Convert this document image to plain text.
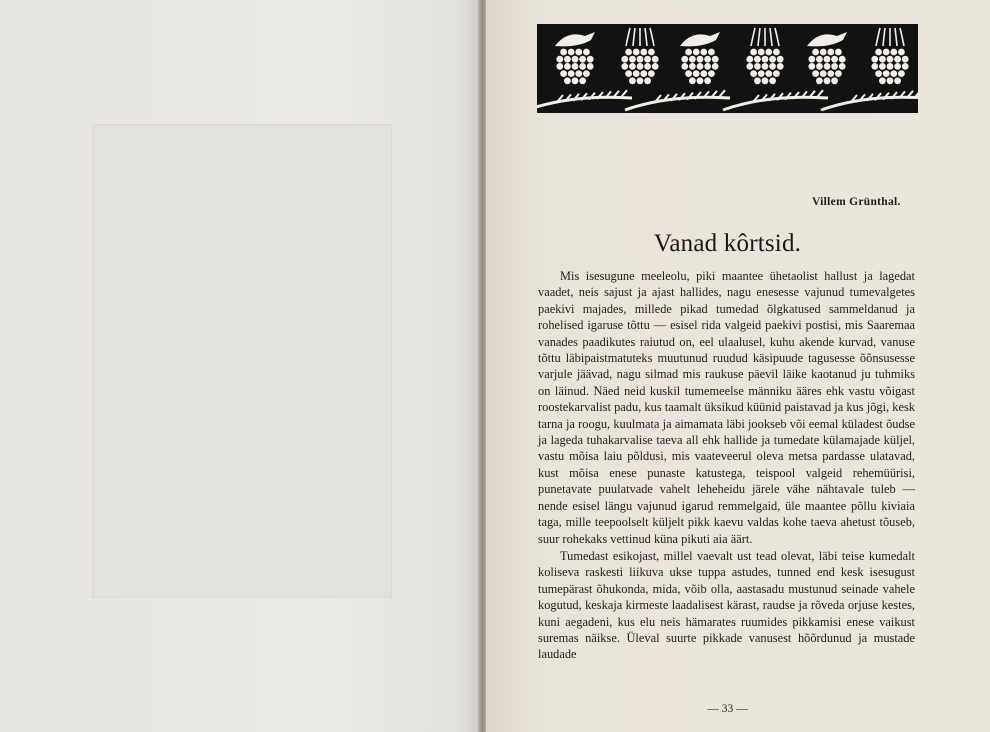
Villem Grünthal.
Vanad kôrtsid.

Mis isesugune meeleolu, piki maantee ühetaolist hallust ja lagedat vaadet, neis sajust ja ajast hallides, nagu enesesse vajunud tumevalgetes paekivi majades, millede pikad tumedad õlgkatused sammeldanud ja rohelised igaruse tõttu — esisel rida valgeid paekivi postisi, mis Saaremaa vanades paadikutes raiutud on, eel ulaalusel, kuhu akende kurvad, vanuse tõttu läbipaistmatuteks muutunud ruudud käsipuude tagusesse õõnsusesse varjule jäävad, nagu silmad mis raukuse päevil läike kaotanud ju tuhmiks on läinud. Näed neid kuskil tumemeelse männiku ääres ehk vastu võigast roostekarvalist padu, kus taamalt üksikud küünid paistavad ja kus jõgi, kesk tarna ja roogu, kuulmata ja aimamata läbi jookseb või eemal küladest õudse ja lageda tuhakarvalise taeva all ehk hallide ja tumedate külamajade küljel, vastu mõisa laiu põldusi, mis vaateveerul oleva metsa pardasse ulatavad, kust mõisa enese punaste katustega, teispool valgeid rehemüürisi, punetavate puulatvade vahelt leheheidu järele vähe nähtavale tuleb — nende esisel längu vajunud igarud remmelgaid, üle maantee põllu kiviaia taga, mille teepoolselt küljelt pikk kaevu valdas kohe taeva ahetust tõuseb, suur rohekaks vettinud küna pikuti aia äärt.

Tumedast esikojast, millel vaevalt ust tead olevat, läbi teise kumedalt koliseva raskesti liikuva ukse tuppa astudes, tunned end kesk isesugust tumepärast õhukonda, mida, võib olla, aastasadu mustunud seinade vahele kogutud, keskaja kirmeste laadalisest kärast, raudse ja rõveda orjuse kestes, kuni aegadeni, kus elu neis hämarates ruumides pikkamisi enese vaikust suremas näikse. Üleval suurte pikkade vanusest hõõrdunud ja mustade laudade

— 33 —
